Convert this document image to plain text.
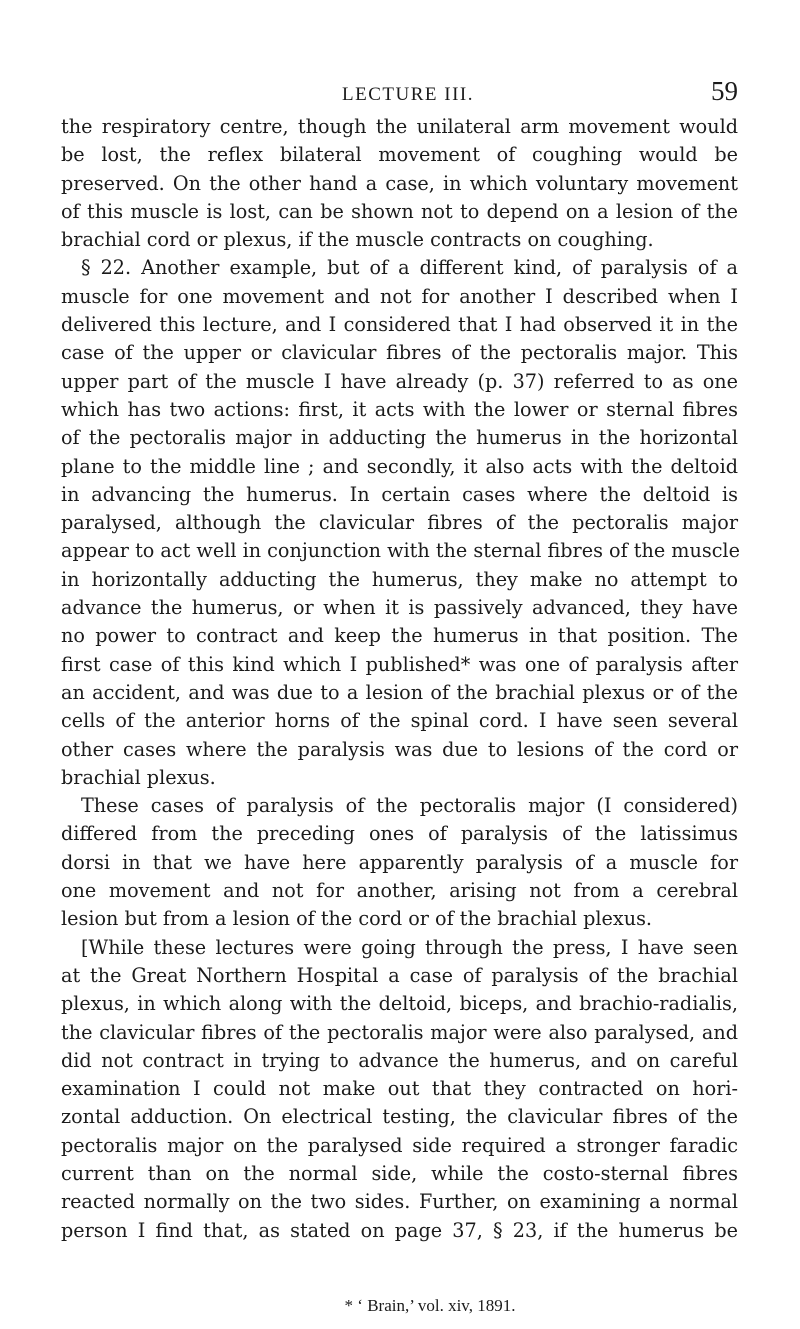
LECTURE III.	59
the respiratory centre, though the unilateral arm movement would
be lost, the reflex bilateral movement of coughing would be
preserved. On the other hand a case, in which voluntary movement
of this muscle is lost, can be shown not to depend on a lesion of the
brachial cord or plexus, if the muscle contracts on coughing.
§ 22. Another example, but of a different kind, of paralysis of a
muscle for one movement and not for another I described when I
delivered this lecture, and I considered that I had observed it in the
case of the upper or clavicular fibres of the pectoralis major. This
upper part of the muscle I have already (p. 37) referred to as one
which has two actions: first, it acts with the lower or sternal fibres
of the pectoralis major in adducting the humerus in the horizontal
plane to the middle line ; and secondly, it also acts with the deltoid
in advancing the humerus. In certain cases where the deltoid is
paralysed, although the clavicular fibres of the pectoralis major
appear to act well in conjunction with the sternal fibres of the muscle
in horizontally adducting the humerus, they make no attempt to
advance the humerus, or when it is passively advanced, they have
no power to contract and keep the humerus in that position. The
first case of this kind which I published* was one of paralysis after
an accident, and was due to a lesion of the brachial plexus or of the
cells of the anterior horns of the spinal cord. I have seen several
other cases where the paralysis was due to lesions of the cord or
brachial plexus.
These cases of paralysis of the pectoralis major (I considered)
differed from the preceding ones of paralysis of the latissimus
dorsi in that we have here apparently paralysis of a muscle for
one movement and not for another, arising not from a cerebral
lesion but from a lesion of the cord or of the brachial plexus.
[While these lectures were going through the press, I have seen
at the Great Northern Hospital a case of paralysis of the brachial
plexus, in which along with the deltoid, biceps, and brachio-radialis,
the clavicular fibres of the pectoralis major were also paralysed, and
did not contract in trying to advance the humerus, and on careful
examination I could not make out that they contracted on hori-
zontal adduction. On electrical testing, the clavicular fibres of the
pectoralis major on the paralysed side required a stronger faradic
current than on the normal side, while the costo-sternal fibres
reacted normally on the two sides. Further, on examining a normal
person I find that, as stated on page 37, § 23, if the humerus be
* ‘ Brain,’ vol. xiv, 1891.
